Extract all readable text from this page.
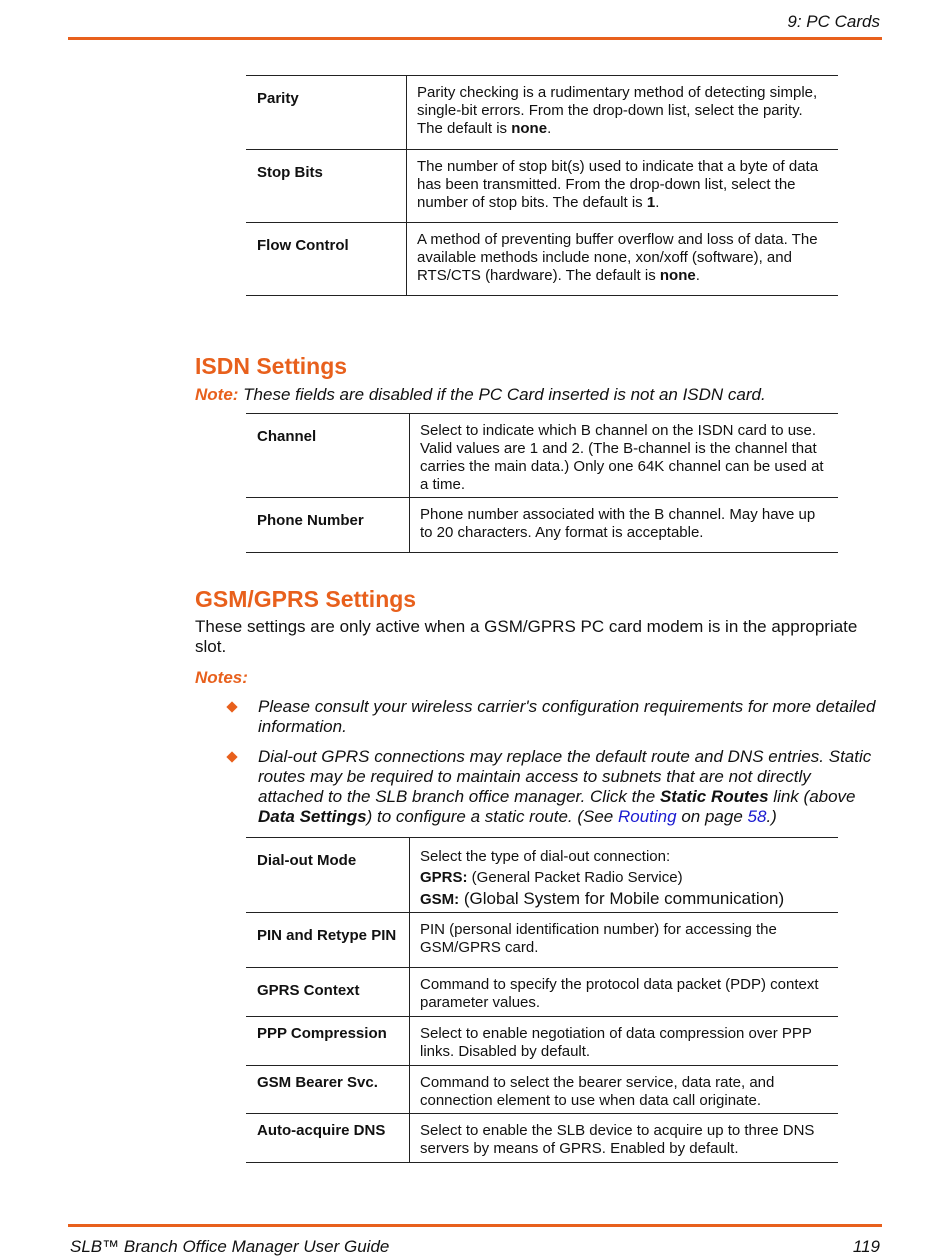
9: PC Cards
Parity	Parity checking is a rudimentary method of detecting simple, single-bit errors. From the drop-down list, select the parity. The default is none.
Stop Bits	The number of stop bit(s) used to indicate that a byte of data has been transmitted. From the drop-down list, select the number of stop bits. The default is 1.
Flow Control	A method of preventing buffer overflow and loss of data. The available methods include none, xon/xoff (software), and RTS/CTS (hardware). The default is none.
ISDN Settings
Note: These fields are disabled if the PC Card inserted is not an ISDN card.
Channel	Select to indicate which B channel on the ISDN card to use. Valid values are 1 and 2. (The B-channel is the channel that carries the main data.) Only one 64K channel can be used at a time.
Phone Number	Phone number associated with the B channel. May have up to 20 characters. Any format is acceptable.
GSM/GPRS Settings
These settings are only active when a GSM/GPRS PC card modem is in the appropriate slot.
Notes:
Please consult your wireless carrier's configuration requirements for more detailed information.
Dial-out GPRS connections may replace the default route and DNS entries. Static routes may be required to maintain access to subnets that are not directly attached to the SLB branch office manager. Click the Static Routes link (above Data Settings) to configure a static route. (See Routing on page 58.)
Dial-out Mode	Select the type of dial-out connection:
GPRS: (General Packet Radio Service)
GSM: (Global System for Mobile communication)

PIN and Retype PIN	PIN (personal identification number) for accessing the GSM/GPRS card.
GPRS Context	Command to specify the protocol data packet (PDP) context parameter values.
PPP Compression	Select to enable negotiation of data compression over PPP links. Disabled by default.
GSM Bearer Svc.	Command to select the bearer service, data rate, and connection element to use when data call originate.
Auto-acquire DNS	Select to enable the SLB device to acquire up to three DNS servers by means of GPRS. Enabled by default.
SLB™ Branch Office Manager User Guide	119
